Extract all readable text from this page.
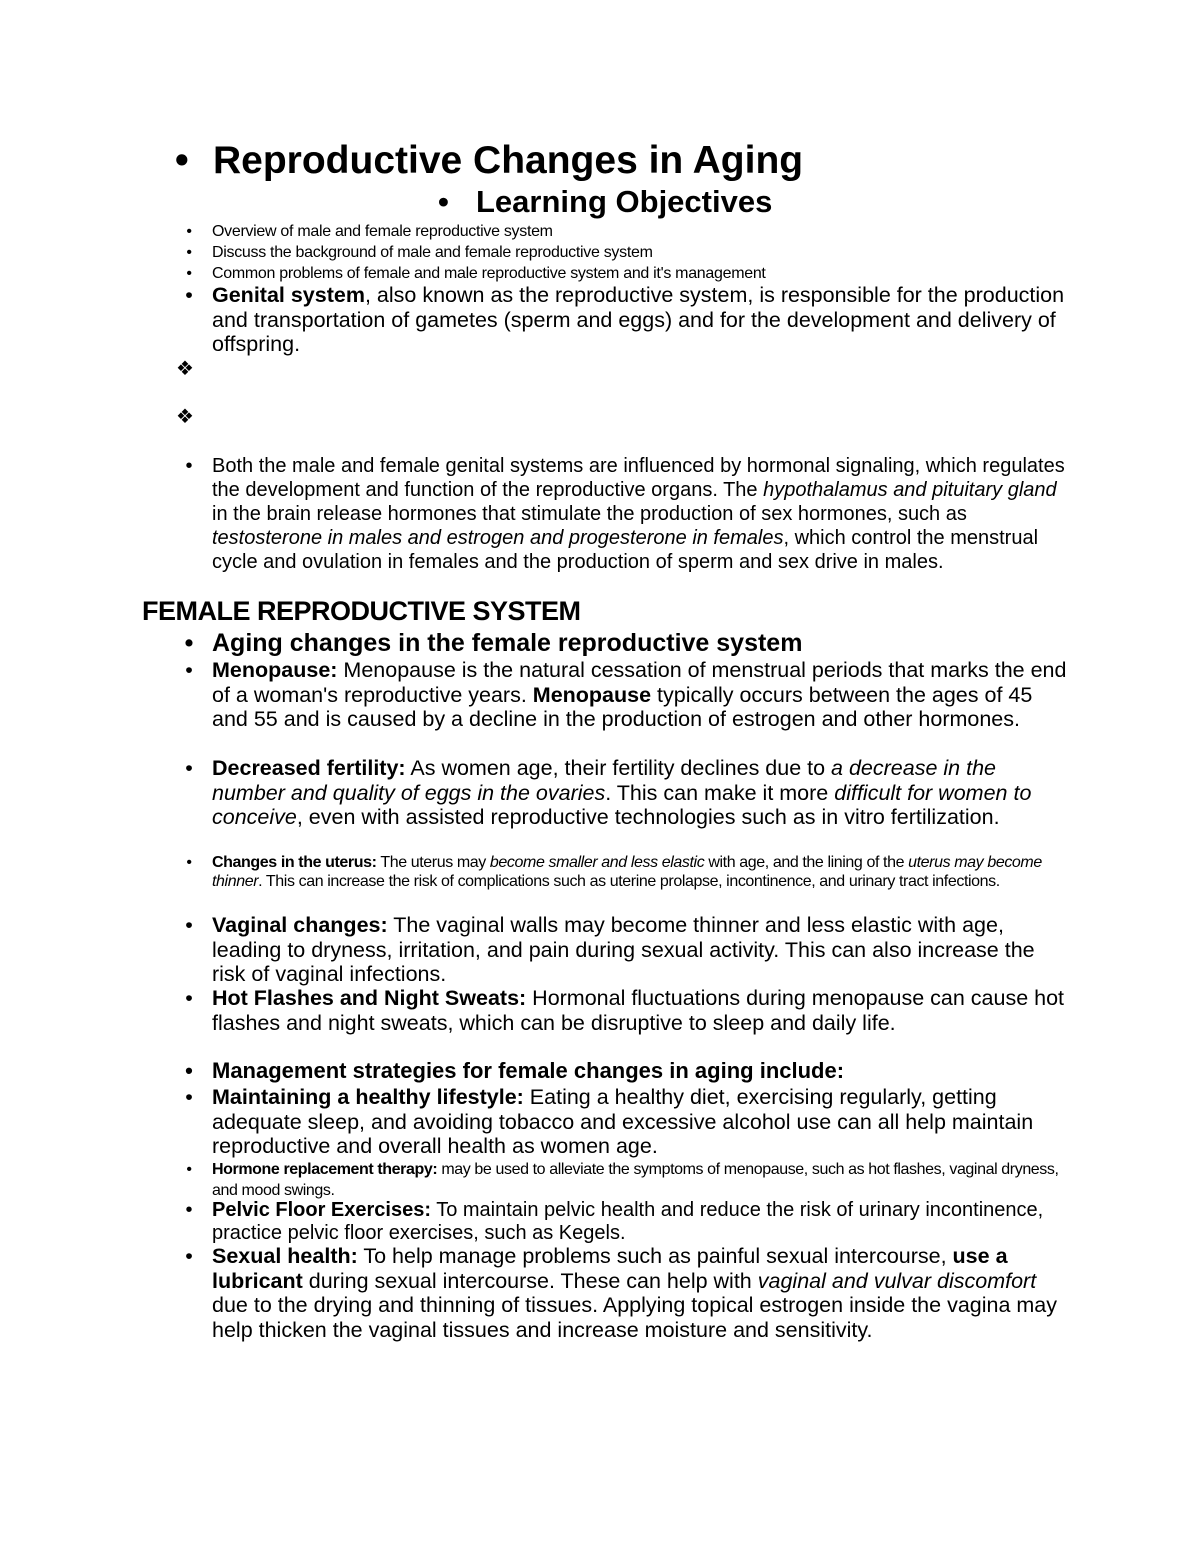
• Reproductive Changes in Aging
• Learning Objectives
•	Overview of male and female reproductive system
•	Discuss the background of male and female reproductive system
•	Common problems of female and male reproductive system and it's management
• Genital system, also known as the reproductive system, is responsible for the production and transportation of gametes (sperm and eggs) and for the development and delivery of offspring.
❖
❖
• Both the male and female genital systems are influenced by hormonal signaling, which regulates the development and function of the reproductive organs. The hypothalamus and pituitary gland in the brain release hormones that stimulate the production of sex hormones, such as testosterone in males and estrogen and progesterone in females, which control the menstrual cycle and ovulation in females and the production of sperm and sex drive in males.
FEMALE REPRODUCTIVE SYSTEM
• Aging changes in the female reproductive system
• Menopause: Menopause is the natural cessation of menstrual periods that marks the end of a woman's reproductive years. Menopause typically occurs between the ages of 45 and 55 and is caused by a decline in the production of estrogen and other hormones.
• Decreased fertility: As women age, their fertility declines due to a decrease in the number and quality of eggs in the ovaries. This can make it more difficult for women to conceive, even with assisted reproductive technologies such as in vitro fertilization.
•	Changes in the uterus: The uterus may become smaller and less elastic with age, and the lining of the uterus may become thinner. This can increase the risk of complications such as uterine prolapse, incontinence, and urinary tract infections.
• Vaginal changes: The vaginal walls may become thinner and less elastic with age, leading to dryness, irritation, and pain during sexual activity. This can also increase the risk of vaginal infections.
• Hot Flashes and Night Sweats: Hormonal fluctuations during menopause can cause hot flashes and night sweats, which can be disruptive to sleep and daily life.
• Management strategies for female changes in aging include:
• Maintaining a healthy lifestyle: Eating a healthy diet, exercising regularly, getting adequate sleep, and avoiding tobacco and excessive alcohol use can all help maintain reproductive and overall health as women age.
•	Hormone replacement therapy: may be used to alleviate the symptoms of menopause, such as hot flashes, vaginal dryness, and mood swings.
• Pelvic Floor Exercises: To maintain pelvic health and reduce the risk of urinary incontinence, practice pelvic floor exercises, such as Kegels.
• Sexual health: To help manage problems such as painful sexual intercourse, use a lubricant during sexual intercourse. These can help with vaginal and vulvar discomfort due to the drying and thinning of tissues. Applying topical estrogen inside the vagina may help thicken the vaginal tissues and increase moisture and sensitivity.
